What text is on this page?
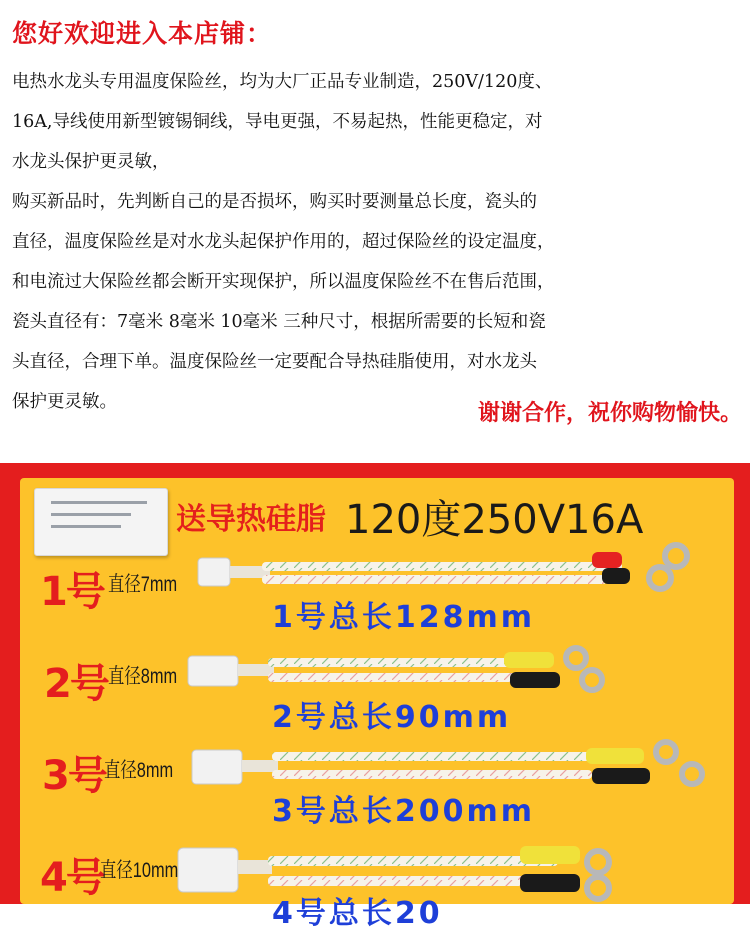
您好欢迎进入本店铺：

电热水龙头专用温度保险丝，均为大厂正品专业制造，250V/120度、

16A,导线使用新型镀锡铜线，导电更强，不易起热，性能更稳定，对

水龙头保护更灵敏，

购买新品时，先判断自己的是否损坏，购买时要测量总长度，瓷头的

直径，温度保险丝是对水龙头起保护作用的，超过保险丝的设定温度，

和电流过大保险丝都会断开实现保护，所以温度保险丝不在售后范围，

瓷头直径有：7毫米 8毫米 10毫米 三种尺寸，根据所需要的长短和瓷

头直径，合理下单。温度保险丝一定要配合导热硅脂使用，对水龙头

保护更灵敏。	谢谢合作，祝你购物愉快。
送导热硅脂 120度250V16A
1号 直径7mm
1号总长128mm
2号 直径8mm
2号总长90mm
3号
直径8mm
3号总长200mm
4号
直径10mm
4号总长20
